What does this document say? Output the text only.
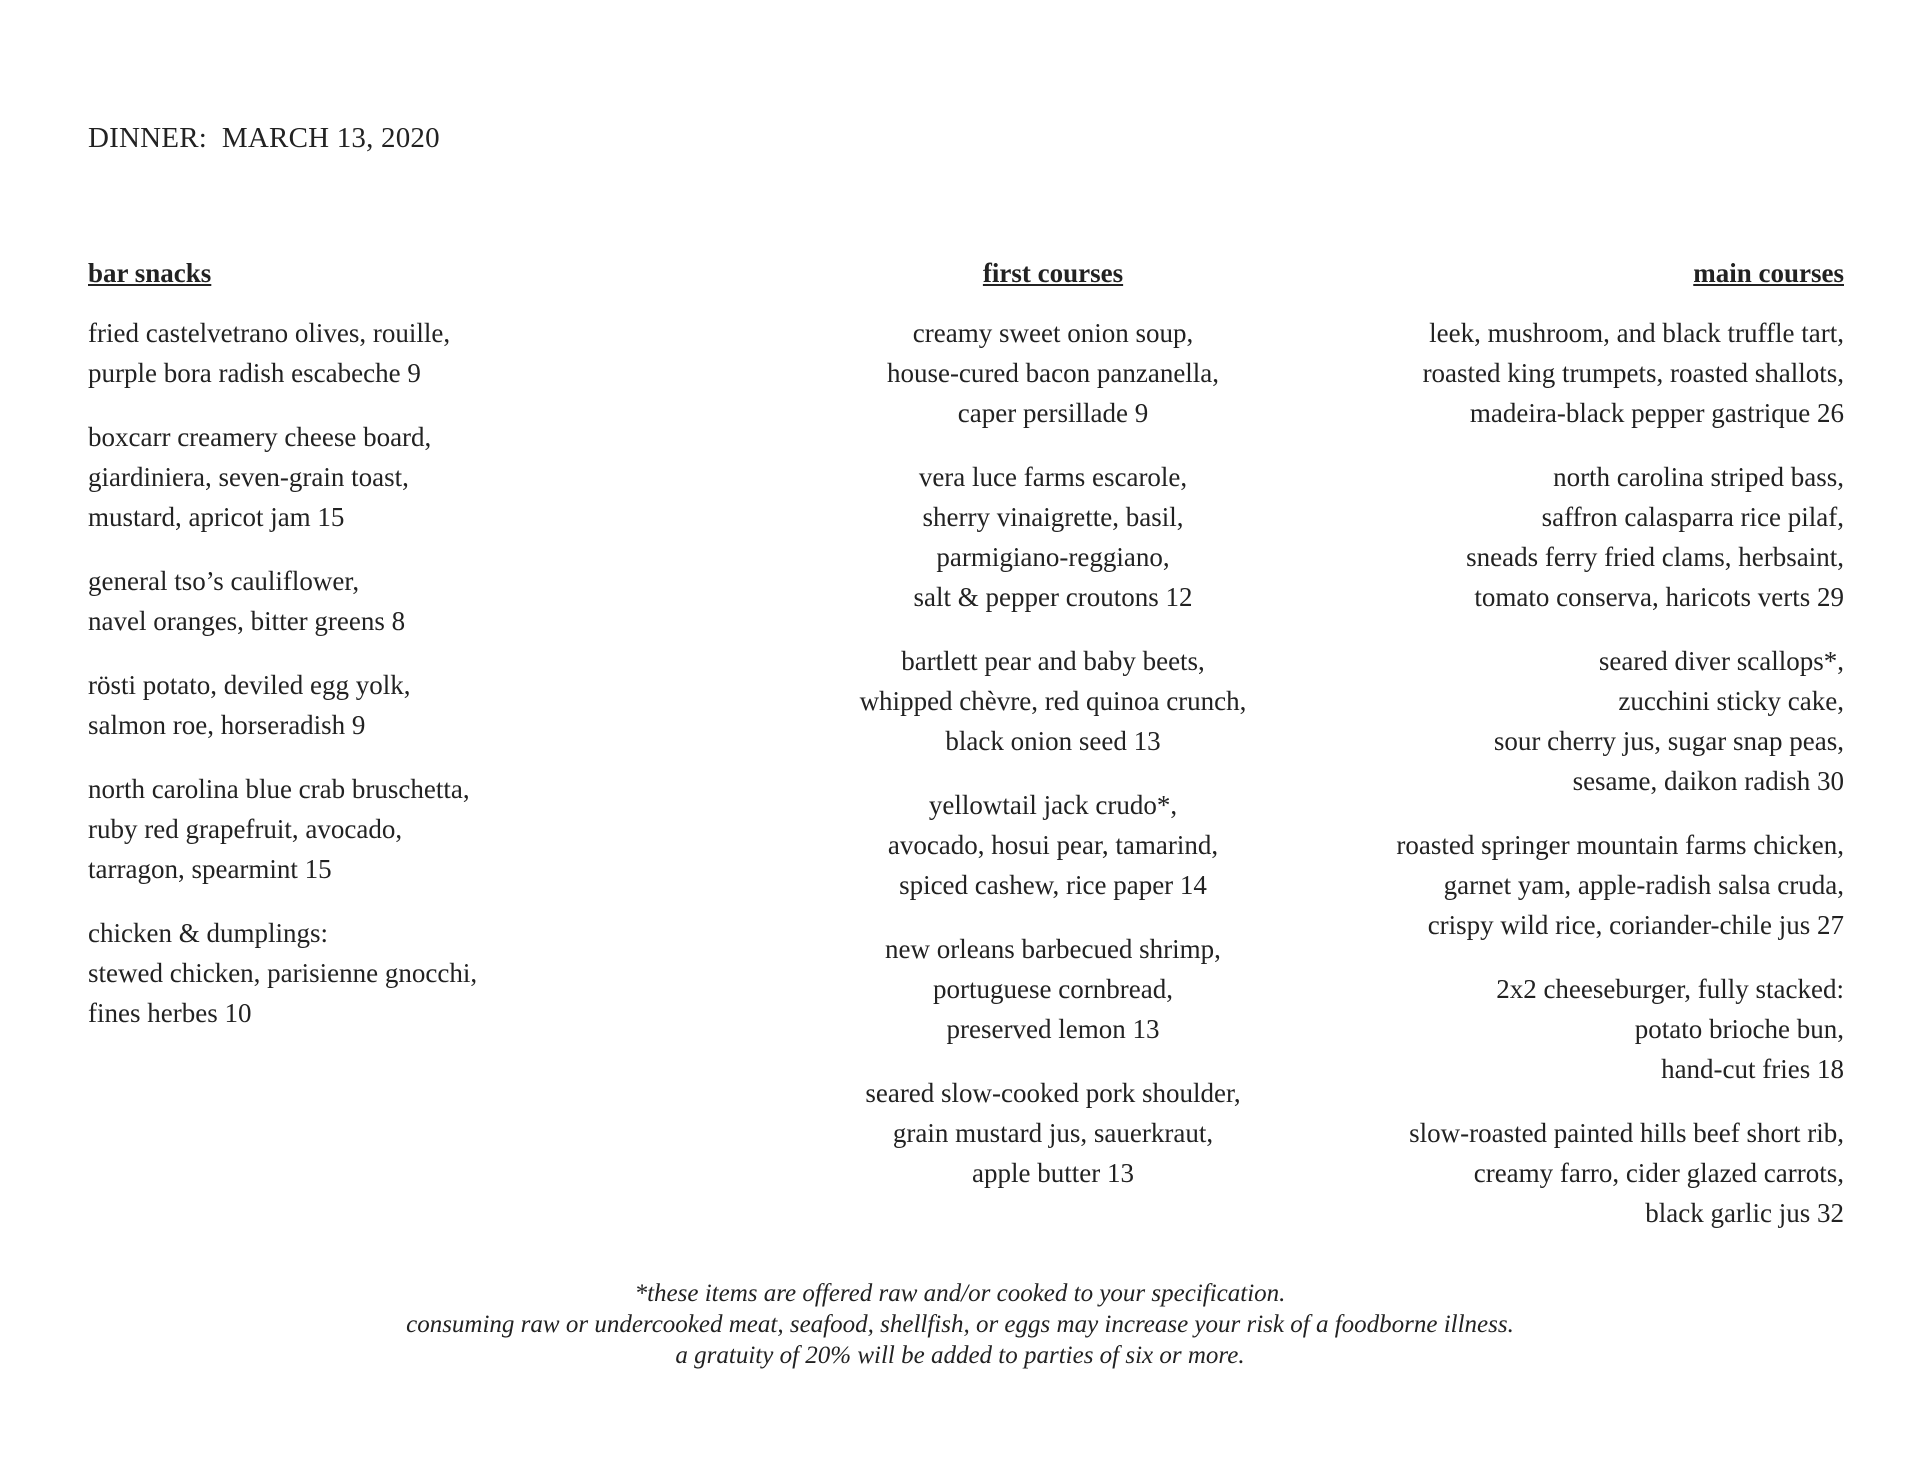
DINNER:  MARCH 13, 2020
bar snacks
fried castelvetrano olives, rouille,
purple bora radish escabeche 9
boxcarr creamery cheese board,
giardiniera, seven-grain toast,
mustard, apricot jam 15
general tso’s cauliflower,
navel oranges, bitter greens 8
rösti potato, deviled egg yolk,
salmon roe, horseradish 9
north carolina blue crab bruschetta,
ruby red grapefruit, avocado,
tarragon, spearmint 15
chicken & dumplings:
stewed chicken, parisienne gnocchi,
fines herbes 10
first courses
creamy sweet onion soup,
house-cured bacon panzanella,
caper persillade 9
vera luce farms escarole,
sherry vinaigrette, basil,
parmigiano-reggiano,
salt & pepper croutons 12
bartlett pear and baby beets,
whipped chèvre, red quinoa crunch,
black onion seed 13
yellowtail jack crudo*,
avocado, hosui pear, tamarind,
spiced cashew, rice paper 14
new orleans barbecued shrimp,
portuguese cornbread,
preserved lemon 13
seared slow-cooked pork shoulder,
grain mustard jus, sauerkraut,
apple butter 13
main courses
leek, mushroom, and black truffle tart,
roasted king trumpets, roasted shallots,
madeira-black pepper gastrique 26
north carolina striped bass,
saffron calasparra rice pilaf,
sneads ferry fried clams, herbsaint,
tomato conserva, haricots verts 29
seared diver scallops*,
zucchini sticky cake,
sour cherry jus, sugar snap peas,
sesame, daikon radish 30
roasted springer mountain farms chicken,
garnet yam, apple-radish salsa cruda,
crispy wild rice, coriander-chile jus 27
2x2 cheeseburger, fully stacked:
potato brioche bun,
hand-cut fries 18
slow-roasted painted hills beef short rib,
creamy farro, cider glazed carrots,
black garlic jus 32
*these items are offered raw and/or cooked to your specification.
consuming raw or undercooked meat, seafood, shellfish, or eggs may increase your risk of a foodborne illness.
a gratuity of 20% will be added to parties of six or more.
